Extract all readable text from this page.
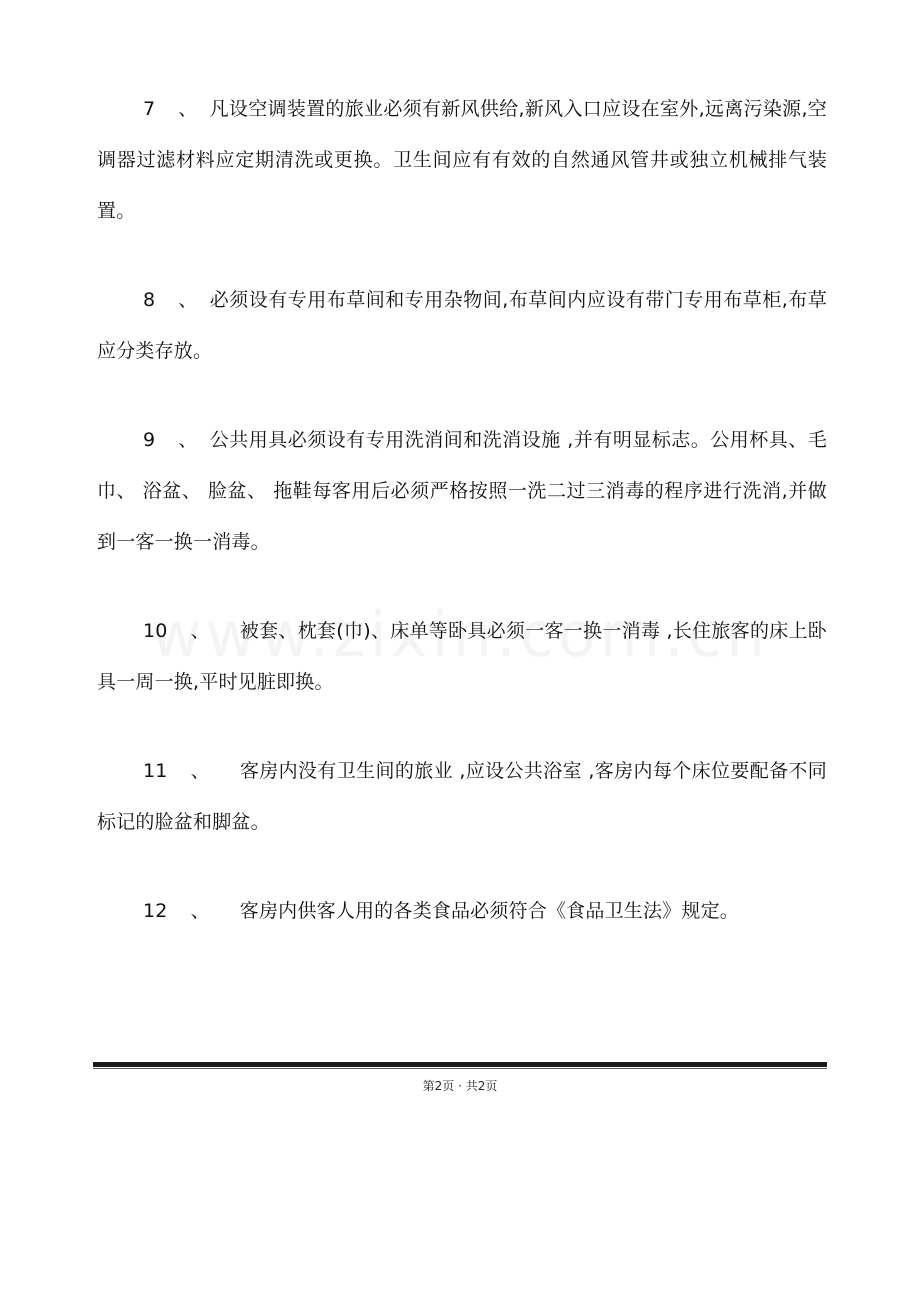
7 、 凡设空调装置的旅业必须有新风供给,新风入口应设在室外,远离污染源,空调器过滤材料应定期清洗或更换。卫生间应有有效的自然通风管井或独立机械排气装置。

8 、 必须设有专用布草间和专用杂物间,布草间内应设有带门专用布草柜,布草应分类存放。

9 、 公共用具必须设有专用洗消间和洗消设施 ,并有明显标志。公用杯具、毛巾、 浴盆、 脸盆、 拖鞋每客用后必须严格按照一洗二过三消毒的程序进行洗消,并做到一客一换一消毒。

10 、 被套、枕套(巾)、床单等卧具必须一客一换一消毒 ,长住旅客的床上卧具一周一换,平时见脏即换。

11 、 客房内没有卫生间的旅业 ,应设公共浴室 ,客房内每个床位要配备不同标记的脸盆和脚盆。

12 、 客房内供客人用的各类食品必须符合《食品卫生法》规定。

第2页 · 共2页
